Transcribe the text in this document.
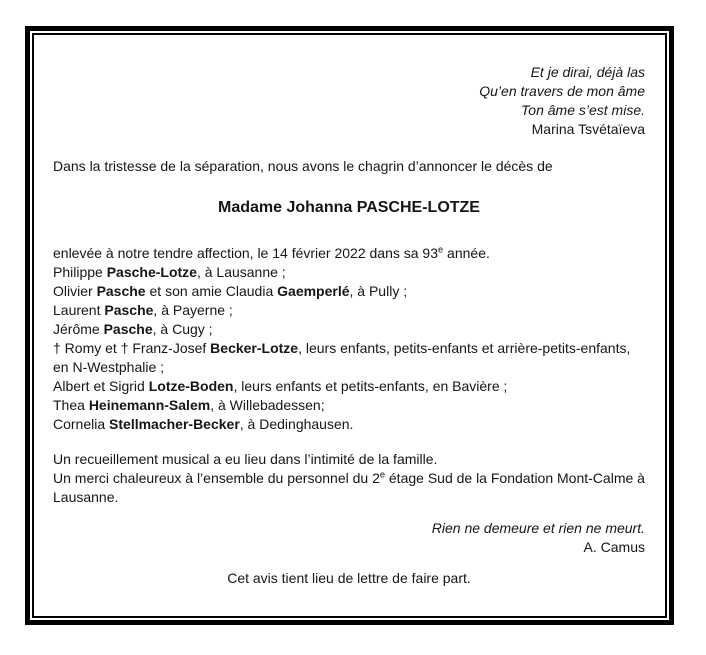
Et je dirai, déjà las
Qu’en travers de mon âme
Ton âme s’est mise.
Marina Tsvétaïeva
Dans la tristesse de la séparation, nous avons le chagrin d’annoncer le décès de
Madame Johanna PASCHE-LOTZE
enlevée à notre tendre affection, le 14 février 2022 dans sa 93e année.
Philippe Pasche-Lotze, à Lausanne ;
Olivier Pasche et son amie Claudia Gaemperlé, à Pully ;
Laurent Pasche, à Payerne ;
Jérôme Pasche, à Cugy ;
† Romy et † Franz-Josef Becker-Lotze, leurs enfants, petits-enfants et arrière-petits-enfants, en N-Westphalie ;
Albert et Sigrid Lotze-Boden, leurs enfants et petits-enfants, en Bavière ;
Thea Heinemann-Salem, à Willebadessen;
Cornelia Stellmacher-Becker, à Dedinghausen.
Un recueillement musical a eu lieu dans l’intimité de la famille.
Un merci chaleureux à l’ensemble du personnel du 2e étage Sud de la Fondation Mont-Calme à Lausanne.
Rien ne demeure et rien ne meurt.
A. Camus
Cet avis tient lieu de lettre de faire part.
